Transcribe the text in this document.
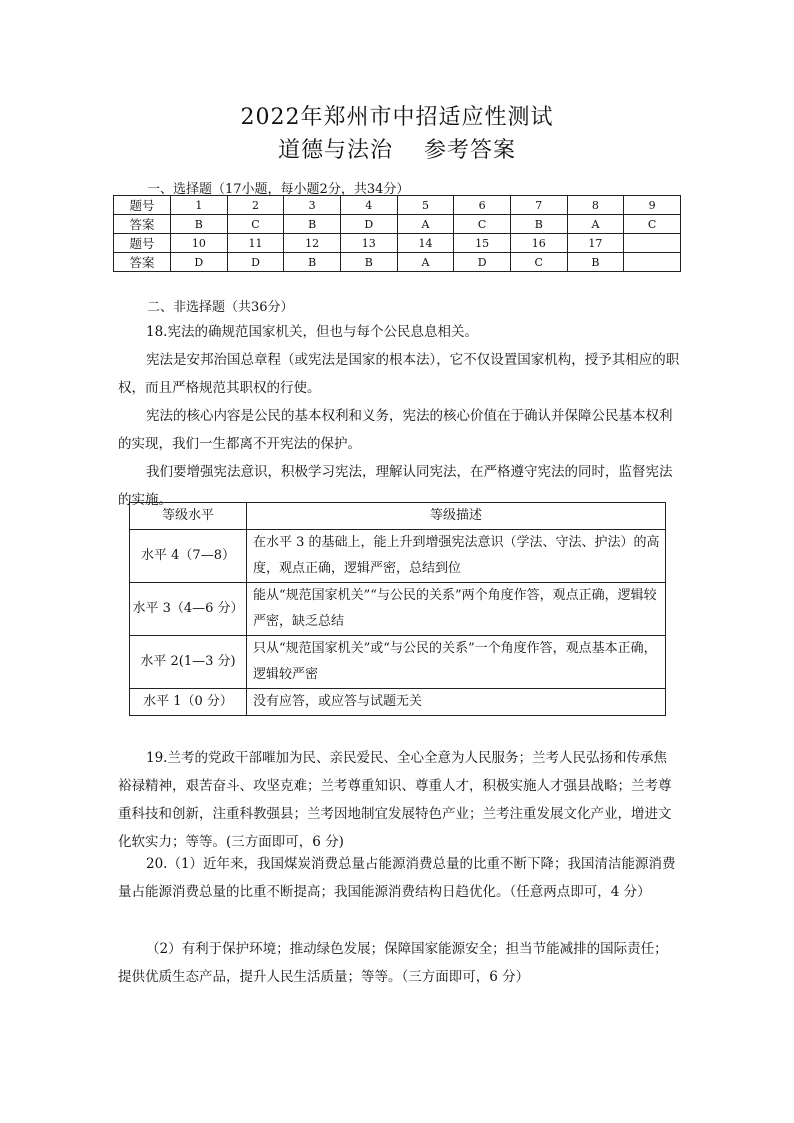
2022年郑州市中招适应性测试
道德与法治　 参考答案
一、选择题（17小题，每小题2分，共34分）
题号	1	2	3	4	5	6	7	8	9
答案	B	C	B	D	A	C	B	A	C
题号	10	11	12	13	14	15	16	17	
答案	D	D	B	B	A	D	C	B	
二、非选择题（共36分）
18.宪法的确规范国家机关，但也与每个公民息息相关。
宪法是安邦治国总章程（或宪法是国家的根本法），它不仅设置国家机构，授予其相应的职权，而且严格规范其职权的行使。
宪法的核心内容是公民的基本权利和义务，宪法的核心价值在于确认并保障公民基本权利的实现，我们一生都离不开宪法的保护。
我们要增强宪法意识，积极学习宪法，理解认同宪法，在严格遵守宪法的同时，监督宪法的实施。
等级水平	等级描述
水平 4（7—8）	在水平 3 的基础上，能上升到增强宪法意识（学法、守法、护法）的高度，观点正确，逻辑严密，总结到位
水平 3（4—6 分）	能从“规范国家机关”“与公民的关系”两个角度作答，观点正确，逻辑较严密，缺乏总结
水平 2(1—3 分)	只从“规范国家机关”或“与公民的关系”一个角度作答，观点基本正确，逻辑较严密
水平 1（0 分）	没有应答，或应答与试题无关
19.兰考的党政干部嗺加为民、亲民爱民、全心全意为人民服务；兰考人民弘扬和传承焦裕禄精神，艰苦奋斗、攻坚克难；兰考尊重知识、尊重人才，积极实施人才强县战略；兰考尊重科技和创新，注重科教强县；兰考因地制宜发展特色产业；兰考注重发展文化产业，增进文化软实力；等等。(三方面即可，6 分)
20.（1）近年来，我国煤炭消费总量占能源消费总量的比重不断下降；我国清洁能源消费量占能源消费总量的比重不断提高；我国能源消费结构日趋优化。（任意两点即可，4 分）
（2）有利于保护环境；推动绿色发展；保障国家能源安全；担当节能减排的国际责任；提供优质生态产品，提升人民生活质量；等等。（三方面即可，6 分）
